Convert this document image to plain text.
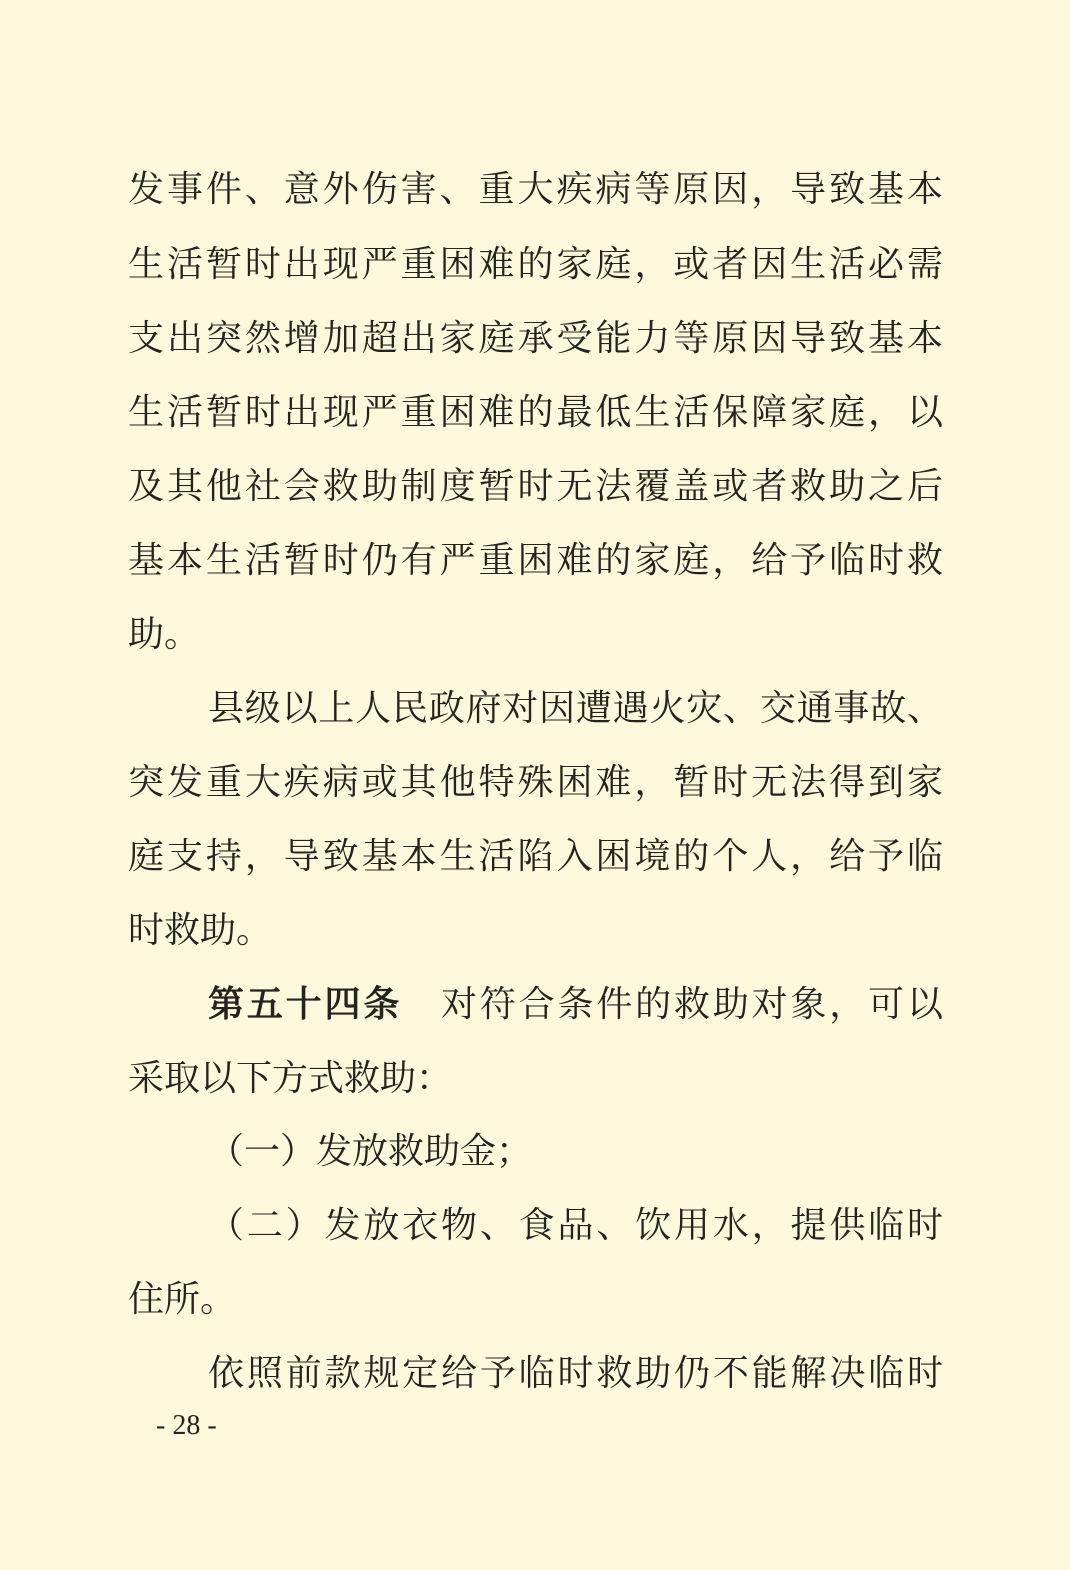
发事件、意外伤害、重大疾病等原因，导致基本
生活暂时出现严重困难的家庭，或者因生活必需
支出突然增加超出家庭承受能力等原因导致基本
生活暂时出现严重困难的最低生活保障家庭，以
及其他社会救助制度暂时无法覆盖或者救助之后
基本生活暂时仍有严重困难的家庭，给予临时救
助。
县级以上人民政府对因遭遇火灾、交通事故、
突发重大疾病或其他特殊困难，暂时无法得到家
庭支持，导致基本生活陷入困境的个人，给予临
时救助。
第五十四条　 对符合条件的救助对象，可以
采取以下方式救助：
（一）发放救助金；
（二）发放衣物、食品、饮用水，提供临时
住所。
依照前款规定给予临时救助仍不能解决临时
- 28 -
